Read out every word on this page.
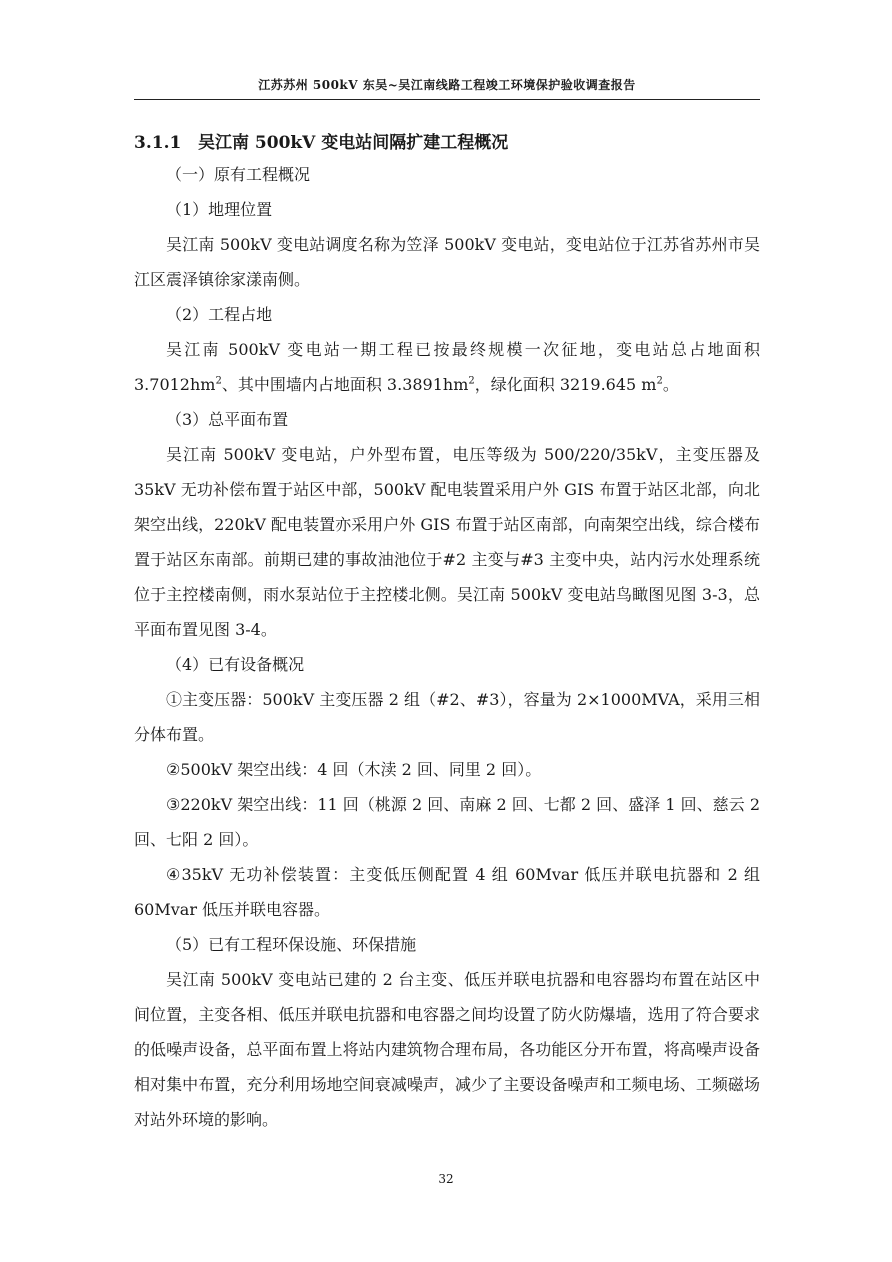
江苏苏州 500kV 东吴~吴江南线路工程竣工环境保护验收调查报告
3.1.1 吴江南 500kV 变电站间隔扩建工程概况

（一）原有工程概况

（1）地理位置

吴江南 500kV 变电站调度名称为笠泽 500kV 变电站，变电站位于江苏省苏州市吴江区震泽镇徐家漾南侧。

（2）工程占地

吴江南 500kV 变电站一期工程已按最终规模一次征地，变电站总占地面积 $3.7012hm^2$、其中围墙内占地面积 $3.3891hm^2$，绿化面积 3219.645 $m^2$。

（3）总平面布置

吴江南 500kV 变电站，户外型布置，电压等级为 500/220/35kV，主变压器及 35kV 无功补偿布置于站区中部，500kV 配电装置采用户外 GIS 布置于站区北部，向北架空出线，220kV 配电装置亦采用户外 GIS 布置于站区南部，向南架空出线，综合楼布置于站区东南部。前期已建的事故油池位于#2 主变与#3 主变中央，站内污水处理系统位于主控楼南侧，雨水泵站位于主控楼北侧。吴江南 500kV 变电站鸟瞰图见图 3-3，总平面布置见图 3-4。

（4）已有设备概况

①主变压器：500kV 主变压器 2 组（#2、#3），容量为 2×1000MVA，采用三相分体布置。

②500kV 架空出线：4 回（木渎 2 回、同里 2 回）。

③220kV 架空出线：11 回（桃源 2 回、南麻 2 回、七都 2 回、盛泽 1 回、慈云 2 回、七阳 2 回）。

④35kV 无功补偿装置：主变低压侧配置 4 组 60Mvar 低压并联电抗器和 2 组 60Mvar 低压并联电容器。

（5）已有工程环保设施、环保措施

吴江南 500kV 变电站已建的 2 台主变、低压并联电抗器和电容器均布置在站区中间位置，主变各相、低压并联电抗器和电容器之间均设置了防火防爆墙，选用了符合要求的低噪声设备，总平面布置上将站内建筑物合理布局，各功能区分开布置，将高噪声设备相对集中布置，充分利用场地空间衰减噪声，减少了主要设备噪声和工频电场、工频磁场对站外环境的影响。

32
